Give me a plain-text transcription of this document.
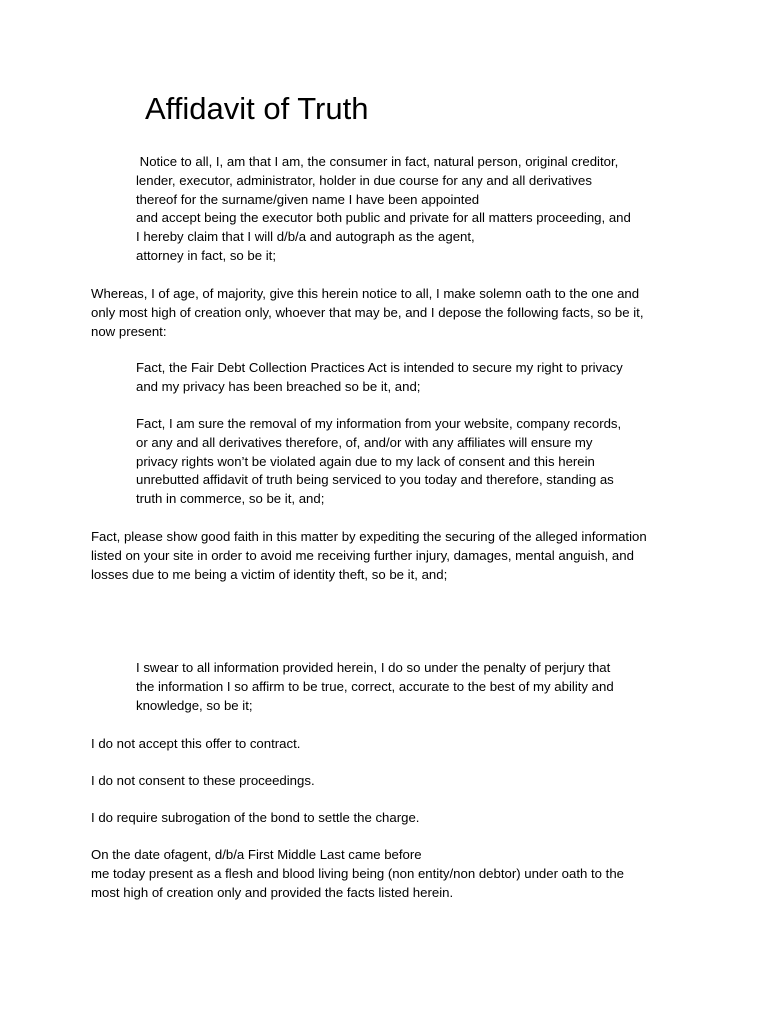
Affidavit of Truth

Notice to all, I, am that I am, the consumer in fact, natural person, original creditor,
lender, executor, administrator, holder in due course for any and all derivatives
thereof for the surname/given name I have been appointed
and accept being the executor both public and private for all matters proceeding, and
I hereby claim that I will d/b/a and autograph as the agent,
attorney in fact, so be it;

Whereas, I of age, of majority, give this herein notice to all, I make solemn oath to the one and
only most high of creation only, whoever that may be, and I depose the following facts, so be it,
now present:

Fact, the Fair Debt Collection Practices Act is intended to secure my right to privacy
and my privacy has been breached so be it, and;

Fact, I am sure the removal of my information from your website, company records,
or any and all derivatives therefore, of, and/or with any affiliates will ensure my
privacy rights won’t be violated again due to my lack of consent and this herein
unrebutted affidavit of truth being serviced to you today and therefore, standing as
truth in commerce, so be it, and;

Fact, please show good faith in this matter by expediting the securing of the alleged information
listed on your site in order to avoid me receiving further injury, damages, mental anguish, and
losses due to me being a victim of identity theft, so be it, and;

I swear to all information provided herein, I do so under the penalty of perjury that
the information I so affirm to be true, correct, accurate to the best of my ability and
knowledge, so be it;

I do not accept this offer to contract.

I do not consent to these proceedings.

I do require subrogation of the bond to settle the charge.

On the date ofagent, d/b/a First Middle Last came before
me today present as a flesh and blood living being (non entity/non debtor) under oath to the
most high of creation only and provided the facts listed herein.
